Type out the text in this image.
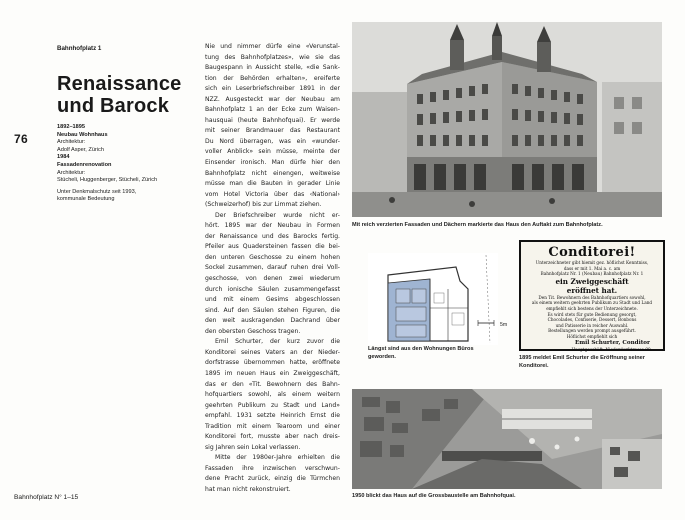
76
Bahnhofplatz 1
Renaissance
und Barock
1892–1895
Neubau Wohnhaus
Architektur:
Adolf Asper, Zürich
1984
Fassadenrenovation
Architektur:
Stücheli, Huggenberger, Stücheli, Zürich
Unter Denkmalschutz seit 1993,
kommunale Bedeutung
Nie und nimmer dürfe eine «Verunstal-
tung des Bahnhofplatzes», wie sie das
Baugespann in Aussicht stelle, «die Sank-
tion der Behörden erhalten», ereiferte
sich ein Leserbriefschreiber 1891 in der
NZZ. Ausgesteckt war der Neubau am
Bahnhofplatz 1 an der Ecke zum Waisen-
hausquai (heute Bahnhofquai). Er werde
mit seiner Brandmauer das Restaurant
Du Nord überragen, was ein «wunder-
voller Anblick» sein müsse, meinte der
Einsender ironisch. Man dürfe hier den
Bahnhofplatz nicht einengen, weitweise
müsse man die Bauten in gerader Linie
vom Hotel Victoria über das ‹National›
(Schweizerhof) bis zur Limmat ziehen.
Der Briefschreiber wurde nicht er-
hört. 1895 war der Neubau in Formen
der Renaissance und des Barocks fertig.
Pfeiler aus Quadersteinen fassen die bei-
den unteren Geschosse zu einem hohen
Sockel zusammen, darauf ruhen drei Voll-
geschosse, von denen zwei wiederum
durch ionische Säulen zusammengefasst
und mit einem Gesims abgeschlossen
sind. Auf den Säulen stehen Figuren, die
den weit auskragenden Dachrand über
den obersten Geschoss tragen.
Emil Schurter, der kurz zuvor die
Konditorei seines Vaters an der Nieder-
dorfstrasse übernommen hatte, eröffnete
1895 im neuen Haus ein Zweiggeschäft,
das er den «Tit. Bewohnern des Bahn-
hofquartiers sowohl, als einem weitern
geehrten Publikum zu Stadt und Land»
empfahl. 1931 setzte Heinrich Ernst die
Tradition mit einem Tearoom und einer
Konditorei fort, musste aber nach dreis-
sig Jahren sein Lokal verlassen.
Mitte der 1980er-Jahre erhielten die
Fassaden ihre inzwischen verschwun-
dene Pracht zurück, einzig die Türmchen
hat man nicht rekonstruiert.
Mit reich verzierten Fassaden und Dächern markierte das Haus den Auftakt zum Bahnhofplatz.
5m
Längst sind aus den Wohnungen Büros geworden.
Conditorei!
Unterzeichneter gibt hiemit gez. höflichst Kenntniss,
dass er mit 1. Mai a. c. am
Bahnhofplatz Nr. 1 (Neubau) Bahnhofplatz Nr. 1
ein Zweiggeschäft
eröffnet hat.
Den Tit. Bewohnern des Bahnhofquartiers sowohl,
als einem weitern geehrten Publikum zu Stadt und Land
empfiehlt sich bestens der Unterzeichnete.
Es wird stets für gute Bedienung gesorgt,
Chocolades, Confiserie, Dessert, Bonbons
und Patisserie in reicher Auswahl.
Bestellungen werden prompt ausgeführt.
Höflichst empfiehlt sich
Emil Schurter, Conditor
Hauptgeschäft: Niederdorfstrasse 90.
1895 meldet Emil Schurter die Eröffnung seiner Konditorei.
1950 blickt das Haus auf die Grossbaustelle am Bahnhofquai.
Bahnhofplatz N° 1–15
